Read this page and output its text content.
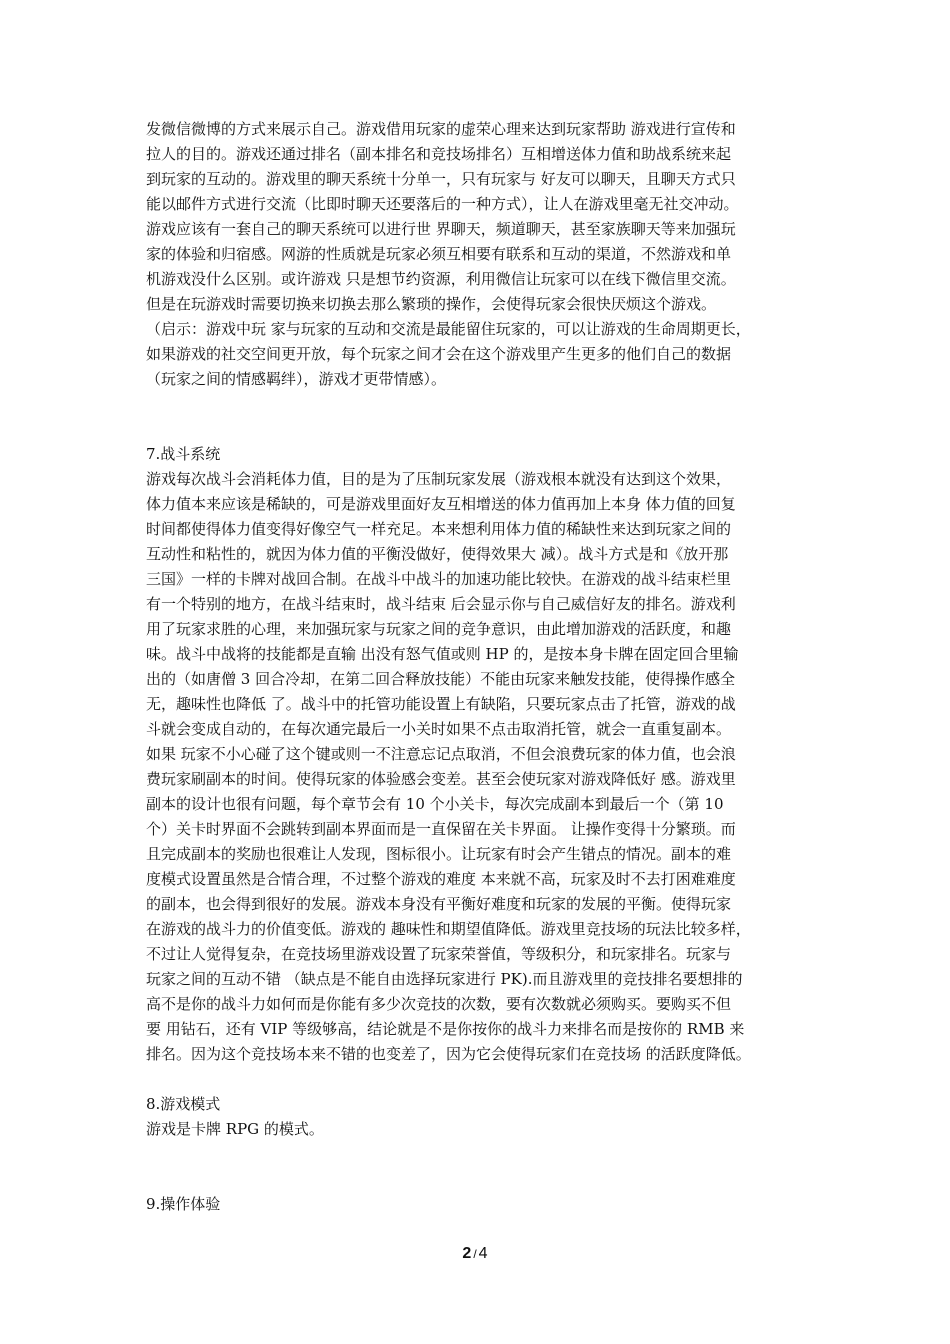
发微信微博的方式来展示自己。游戏借用玩家的虚荣心理来达到玩家帮助 游戏进行宣传和
拉人的目的。游戏还通过排名（副本排名和竞技场排名）互相增送体力值和助战系统来起
到玩家的互动的。游戏里的聊天系统十分单一，只有玩家与 好友可以聊天，且聊天方式只
能以邮件方式进行交流（比即时聊天还要落后的一种方式），让人在游戏里毫无社交冲动。
游戏应该有一套自己的聊天系统可以进行世 界聊天，频道聊天，甚至家族聊天等来加强玩
家的体验和归宿感。网游的性质就是玩家必须互相要有联系和互动的渠道，不然游戏和单
机游戏没什么区别。或许游戏 只是想节约资源，利用微信让玩家可以在线下微信里交流。
但是在玩游戏时需要切换来切换去那么繁琐的操作，会使得玩家会很快厌烦这个游戏。
（启示：游戏中玩 家与玩家的互动和交流是最能留住玩家的，可以让游戏的生命周期更长，
如果游戏的社交空间更开放，每个玩家之间才会在这个游戏里产生更多的他们自己的数据
（玩家之间的情感羁绊），游戏才更带情感）。
7.战斗系统
游戏每次战斗会消耗体力值，目的是为了压制玩家发展（游戏根本就没有达到这个效果，
体力值本来应该是稀缺的，可是游戏里面好友互相增送的体力值再加上本身 体力值的回复
时间都使得体力值变得好像空气一样充足。本来想利用体力值的稀缺性来达到玩家之间的
互动性和粘性的，就因为体力值的平衡没做好，使得效果大 减）。战斗方式是和《放开那
三国》一样的卡牌对战回合制。在战斗中战斗的加速功能比较快。在游戏的战斗结束栏里
有一个特别的地方，在战斗结束时，战斗结束 后会显示你与自己威信好友的排名。游戏利
用了玩家求胜的心理，来加强玩家与玩家之间的竞争意识，由此增加游戏的活跃度，和趣
味。战斗中战将的技能都是直输 出没有怒气值或则 HP 的，是按本身卡牌在固定回合里输
出的（如唐僧 3 回合冷却，在第二回合释放技能）不能由玩家来触发技能，使得操作感全
无，趣味性也降低 了。战斗中的托管功能设置上有缺陷，只要玩家点击了托管，游戏的战
斗就会变成自动的，在每次通完最后一小关时如果不点击取消托管，就会一直重复副本。
如果 玩家不小心碰了这个键或则一不注意忘记点取消，不但会浪费玩家的体力值，也会浪
费玩家刷副本的时间。使得玩家的体验感会变差。甚至会使玩家对游戏降低好 感。游戏里
副本的设计也很有问题，每个章节会有 10 个小关卡，每次完成副本到最后一个（第 10
个）关卡时界面不会跳转到副本界面而是一直保留在关卡界面。 让操作变得十分繁琐。而
且完成副本的奖励也很难让人发现，图标很小。让玩家有时会产生错点的情况。副本的难
度模式设置虽然是合情合理，不过整个游戏的难度 本来就不高，玩家及时不去打困难难度
的副本，也会得到很好的发展。游戏本身没有平衡好难度和玩家的发展的平衡。使得玩家
在游戏的战斗力的价值变低。游戏的 趣味性和期望值降低。游戏里竞技场的玩法比较多样，
不过让人觉得复杂，在竞技场里游戏设置了玩家荣誉值，等级积分，和玩家排名。玩家与
玩家之间的互动不错 （缺点是不能自由选择玩家进行 PK).而且游戏里的竞技排名要想排的
高不是你的战斗力如何而是你能有多少次竞技的次数，要有次数就必须购买。要购买不但
要 用钻石，还有 VIP 等级够高，结论就是不是你按你的战斗力来排名而是按你的 RMB 来
排名。因为这个竞技场本来不错的也变差了，因为它会使得玩家们在竞技场 的活跃度降低。
8.游戏模式
游戏是卡牌 RPG 的模式。
9.操作体验
2 / 4
